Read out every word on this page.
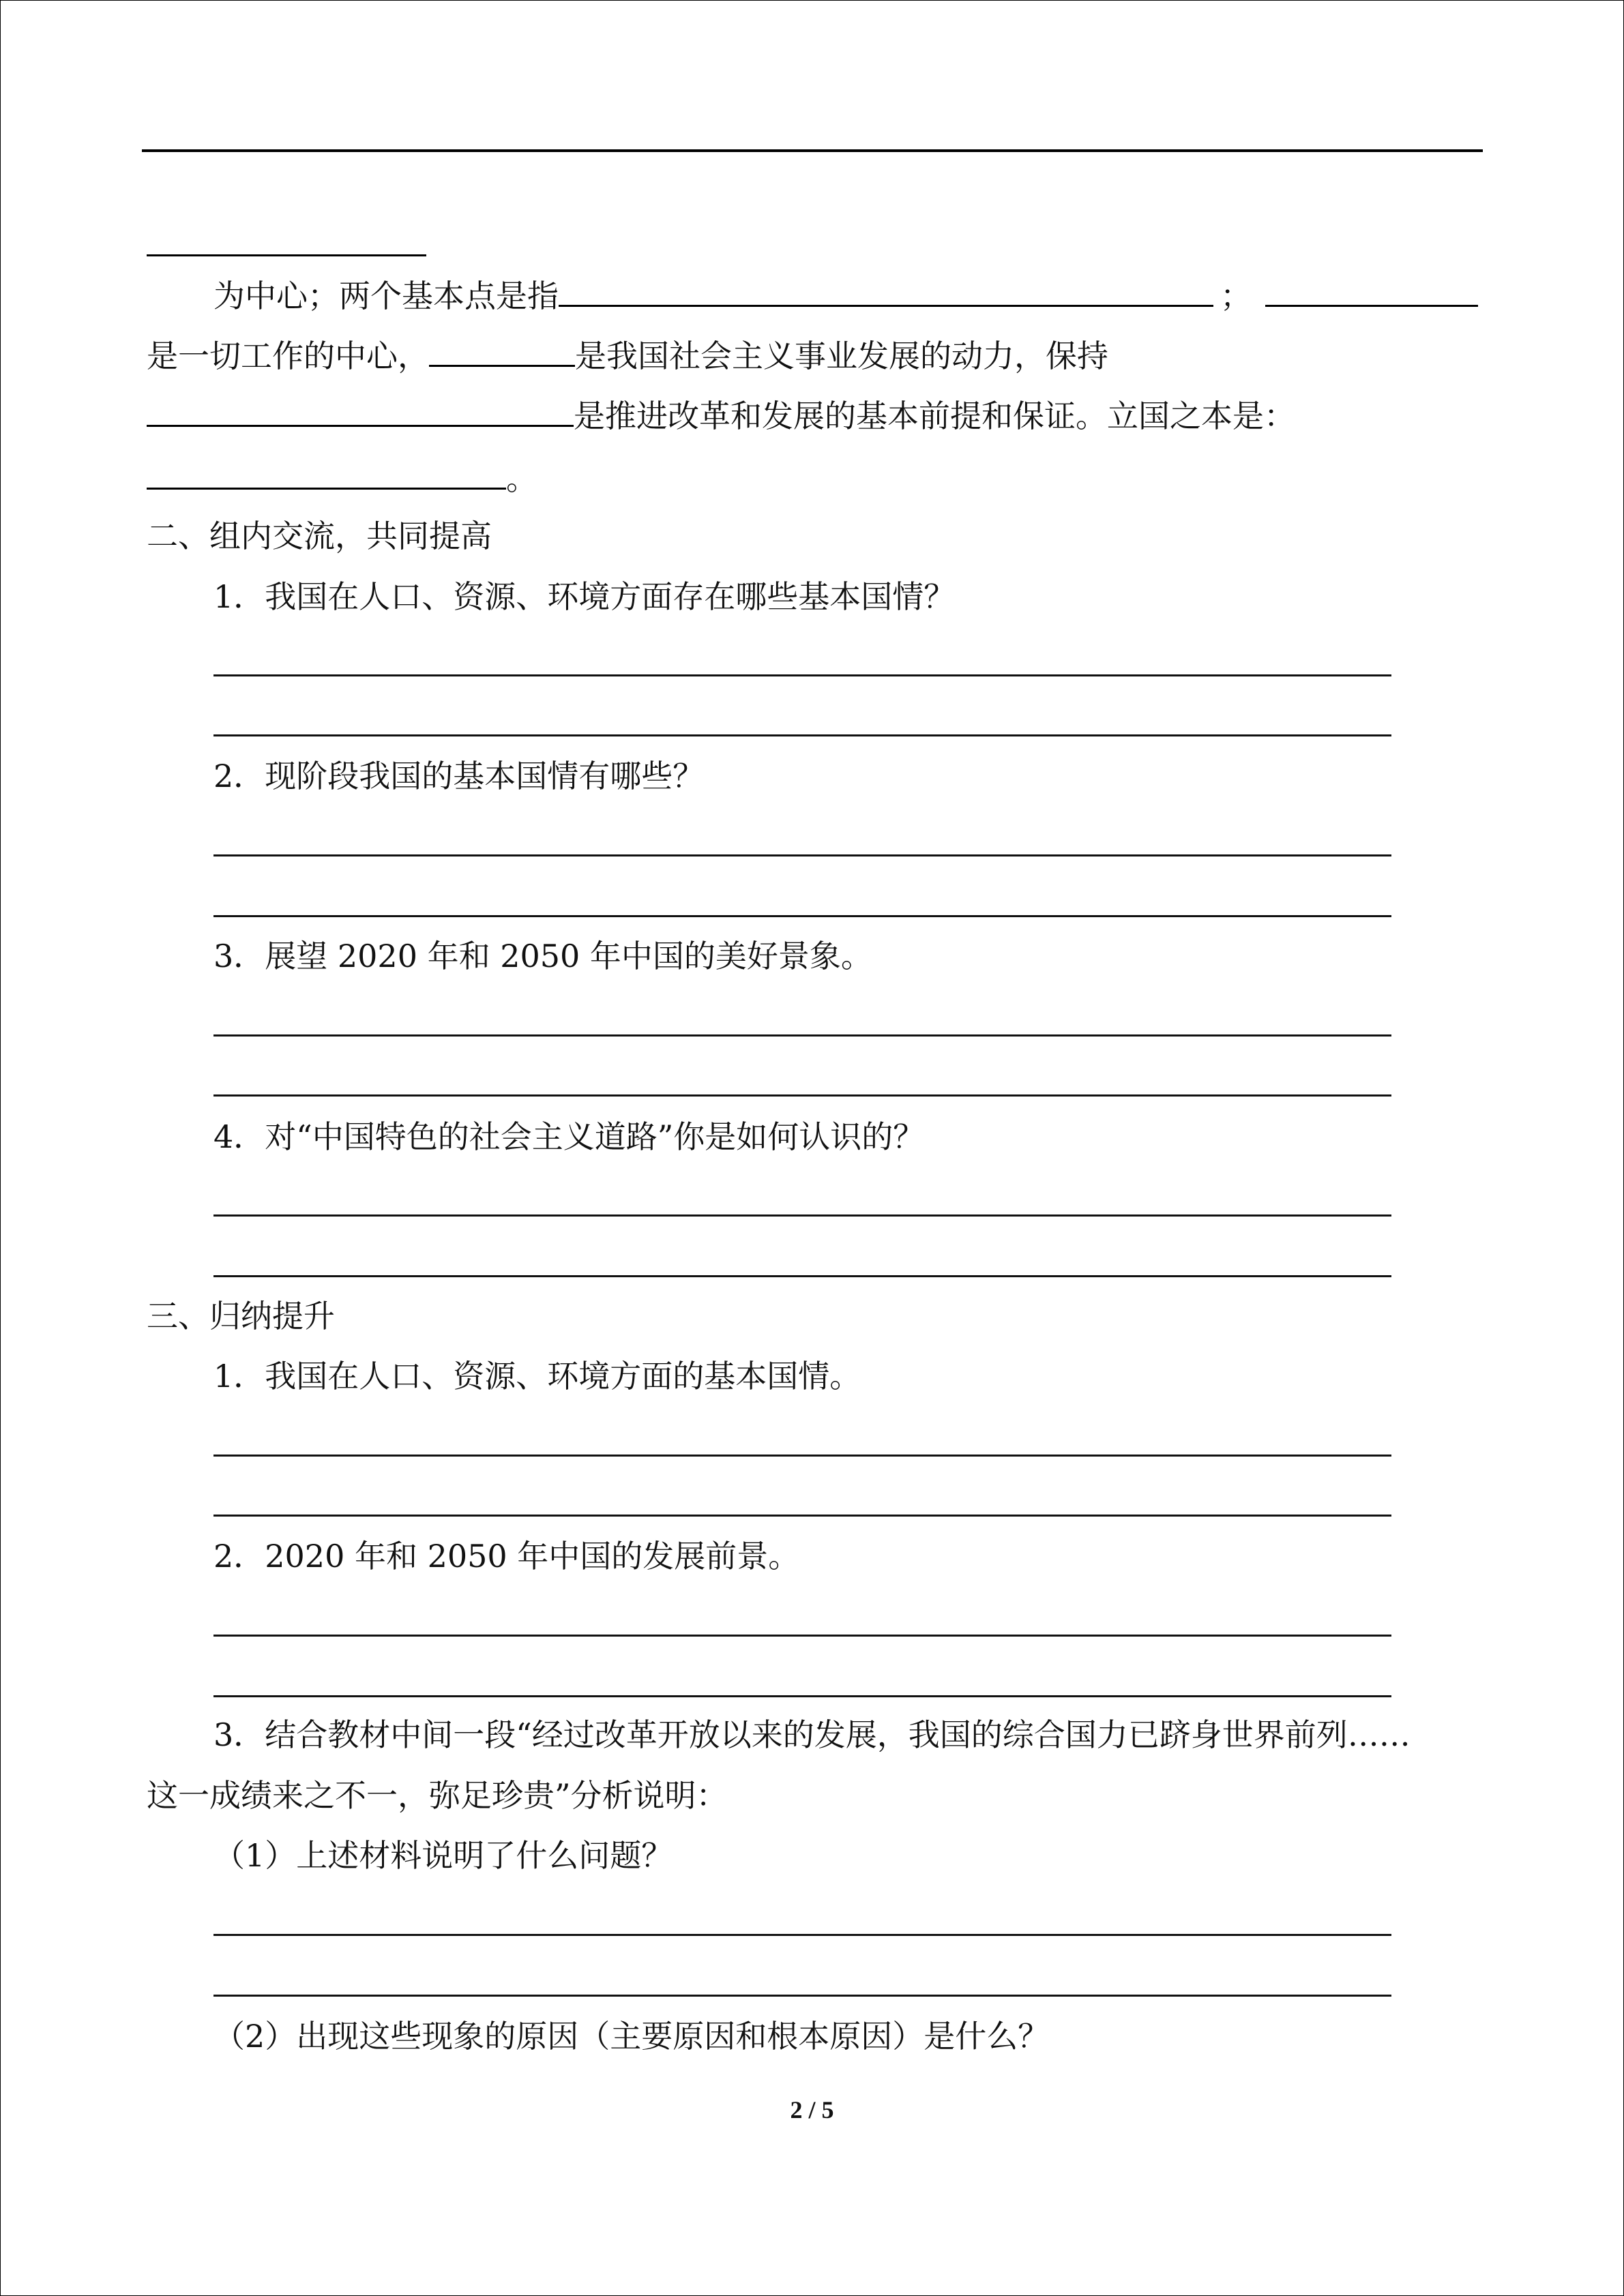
为中心；两个基本点是指	；
是一切工作的中心，	是我国社会主义事业发展的动力，保持
是推进改革和发展的基本前提和保证。立国之本是：
。
二、组内交流，共同提高
1．我国在人口、资源、环境方面存在哪些基本国情？
2．现阶段我国的基本国情有哪些？
3．展望 2020 年和 2050 年中国的美好景象。
4．对“中国特色的社会主义道路”你是如何认识的？
三、归纳提升
1．我国在人口、资源、环境方面的基本国情。
2．2020 年和 2050 年中国的发展前景。
3．结合教材中间一段“经过改革开放以来的发展，我国的综合国力已跻身世界前列……
这一成绩来之不一，弥足珍贵”分析说明：
（1）上述材料说明了什么问题？
（2）出现这些现象的原因（主要原因和根本原因）是什么？
2 / 5
